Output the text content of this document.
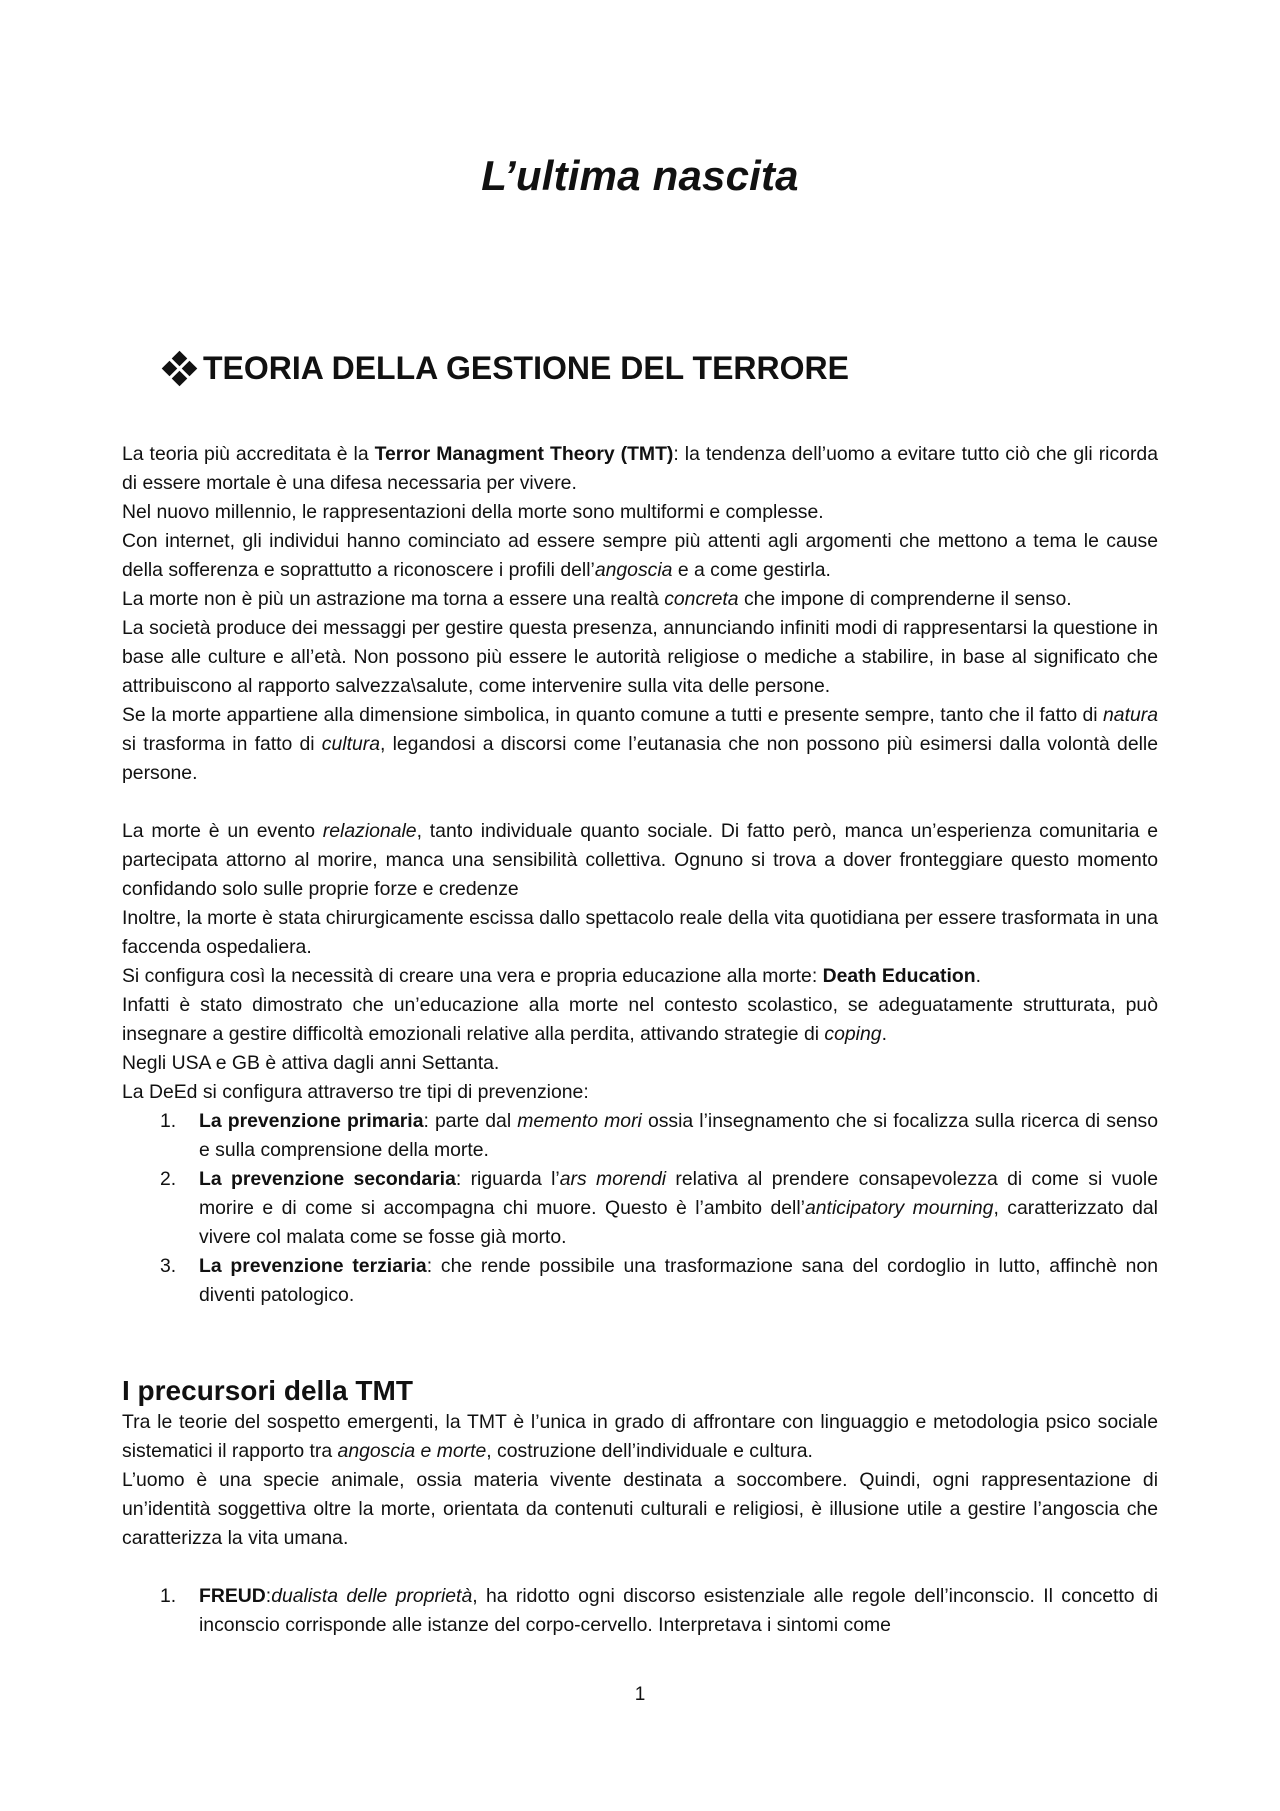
L’ultima nascita
TEORIA DELLA GESTIONE DEL TERRORE

La teoria più accreditata è la Terror Managment Theory (TMT): la tendenza dell’uomo a evitare tutto ciò che gli ricorda di essere mortale è una difesa necessaria per vivere.

Nel nuovo millennio, le rappresentazioni della morte sono multiformi e complesse.

Con internet, gli individui hanno cominciato ad essere sempre più attenti agli argomenti che mettono a tema le cause della sofferenza e soprattutto a riconoscere i profili dell’angoscia e a come gestirla.

La morte non è più un astrazione ma torna a essere una realtà concreta che impone di comprenderne il senso.

La società produce dei messaggi per gestire questa presenza, annunciando infiniti modi di rappresentarsi la questione in base alle culture e all’età. Non possono più essere le autorità religiose o mediche a stabilire, in base al significato che attribuiscono al rapporto salvezza\salute, come intervenire sulla vita delle persone.

Se la morte appartiene alla dimensione simbolica, in quanto comune a tutti e presente sempre, tanto che il fatto di natura si trasforma in fatto di cultura, legandosi a discorsi come l’eutanasia che non possono più esimersi dalla volontà delle persone.

La morte è un evento relazionale, tanto individuale quanto sociale. Di fatto però, manca un’esperienza comunitaria e partecipata attorno al morire, manca una sensibilità collettiva. Ognuno si trova a dover fronteggiare questo momento confidando solo sulle proprie forze e credenze

Inoltre, la morte è stata chirurgicamente escissa dallo spettacolo reale della vita quotidiana per essere trasformata in una faccenda ospedaliera.

Si configura così la necessità di creare una vera e propria educazione alla morte: Death Education.

Infatti è stato dimostrato che un’educazione alla morte nel contesto scolastico, se adeguatamente strutturata, può insegnare a gestire difficoltà emozionali relative alla perdita, attivando strategie di coping.

Negli USA e GB è attiva dagli anni Settanta.

La DeEd si configura attraverso tre tipi di prevenzione:

1. La prevenzione primaria: parte dal memento mori ossia l’insegnamento che si focalizza sulla ricerca di senso e sulla comprensione della morte.
2. La prevenzione secondaria: riguarda l’ars morendi relativa al prendere consapevolezza di come si vuole morire e di come si accompagna chi muore. Questo è l’ambito dell’anticipatory mourning, caratterizzato dal vivere col malata come se fosse già morto.
3. La prevenzione terziaria: che rende possibile una trasformazione sana del cordoglio in lutto, affinchè non diventi patologico.

I precursori della TMT

Tra le teorie del sospetto emergenti, la TMT è l’unica in grado di affrontare con linguaggio e metodologia psico sociale sistematici il rapporto tra angoscia e morte, costruzione dell’individuale e cultura.

L’uomo è una specie animale, ossia materia vivente destinata a soccombere. Quindi, ogni rappresentazione di un’identità soggettiva oltre la morte, orientata da contenuti culturali e religiosi, è illusione utile a gestire l’angoscia che caratterizza la vita umana.

1. FREUD:dualista delle proprietà, ha ridotto ogni discorso esistenziale alle regole dell’inconscio. Il concetto di inconscio corrisponde alle istanze del corpo-cervello. Interpretava i sintomi come
1
